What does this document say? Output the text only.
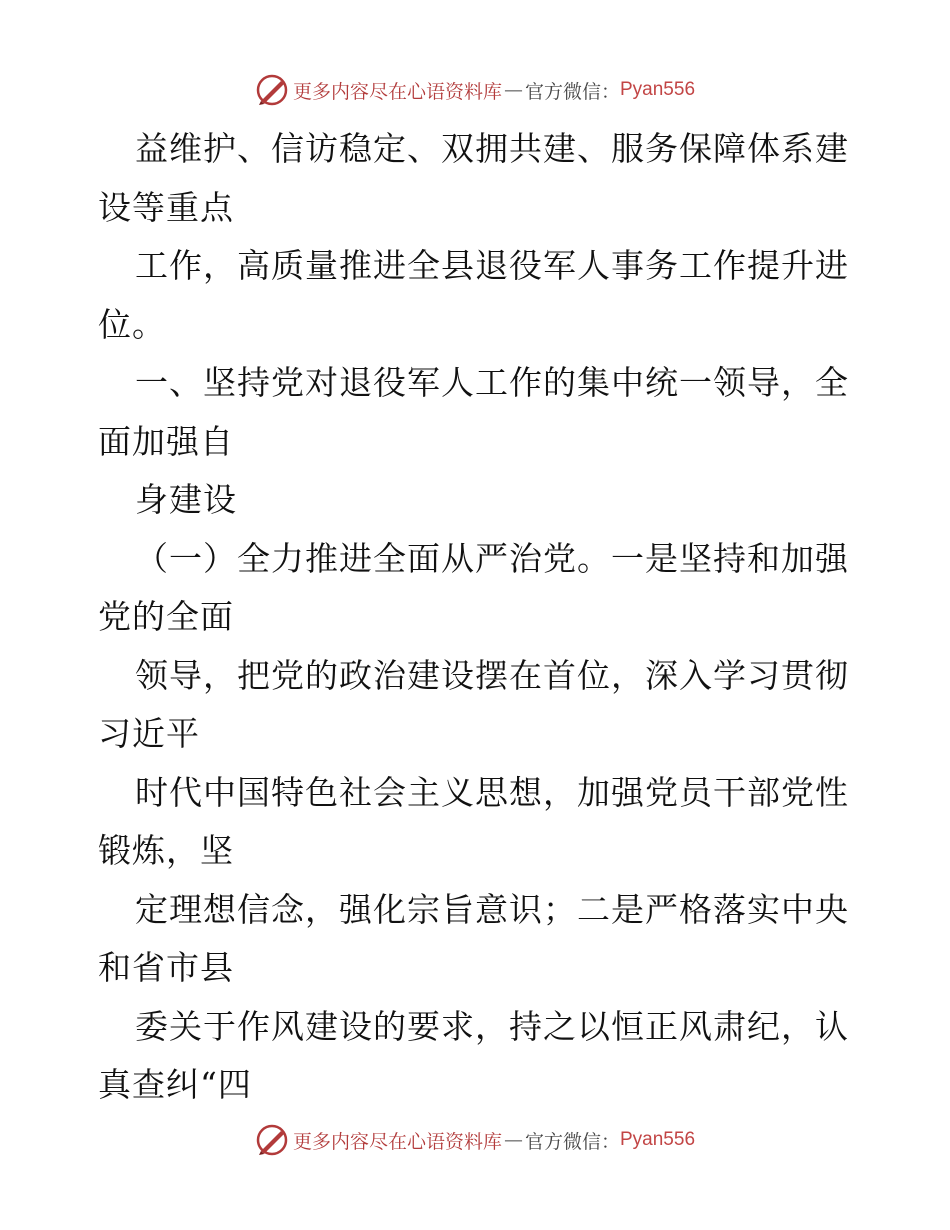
更多内容尽在心语资料库 — 官方微信： Pyan556
益维护、信访稳定、双拥共建、服务保障体系建
设等重点
工作，高质量推进全县退役军人事务工作提升进
位。
一、坚持党对退役军人工作的集中统一领导，全
面加强自
身建设
（一）全力推进全面从严治党。一是坚持和加强
党的全面
领导，把党的政治建设摆在首位，深入学习贯彻
习近平
时代中国特色社会主义思想，加强党员干部党性
锻炼，坚
定理想信念，强化宗旨意识；二是严格落实中央
和省市县
委关于作风建设的要求，持之以恒正风肃纪，认
真查纠“四
更多内容尽在心语资料库 — 官方微信： Pyan556
